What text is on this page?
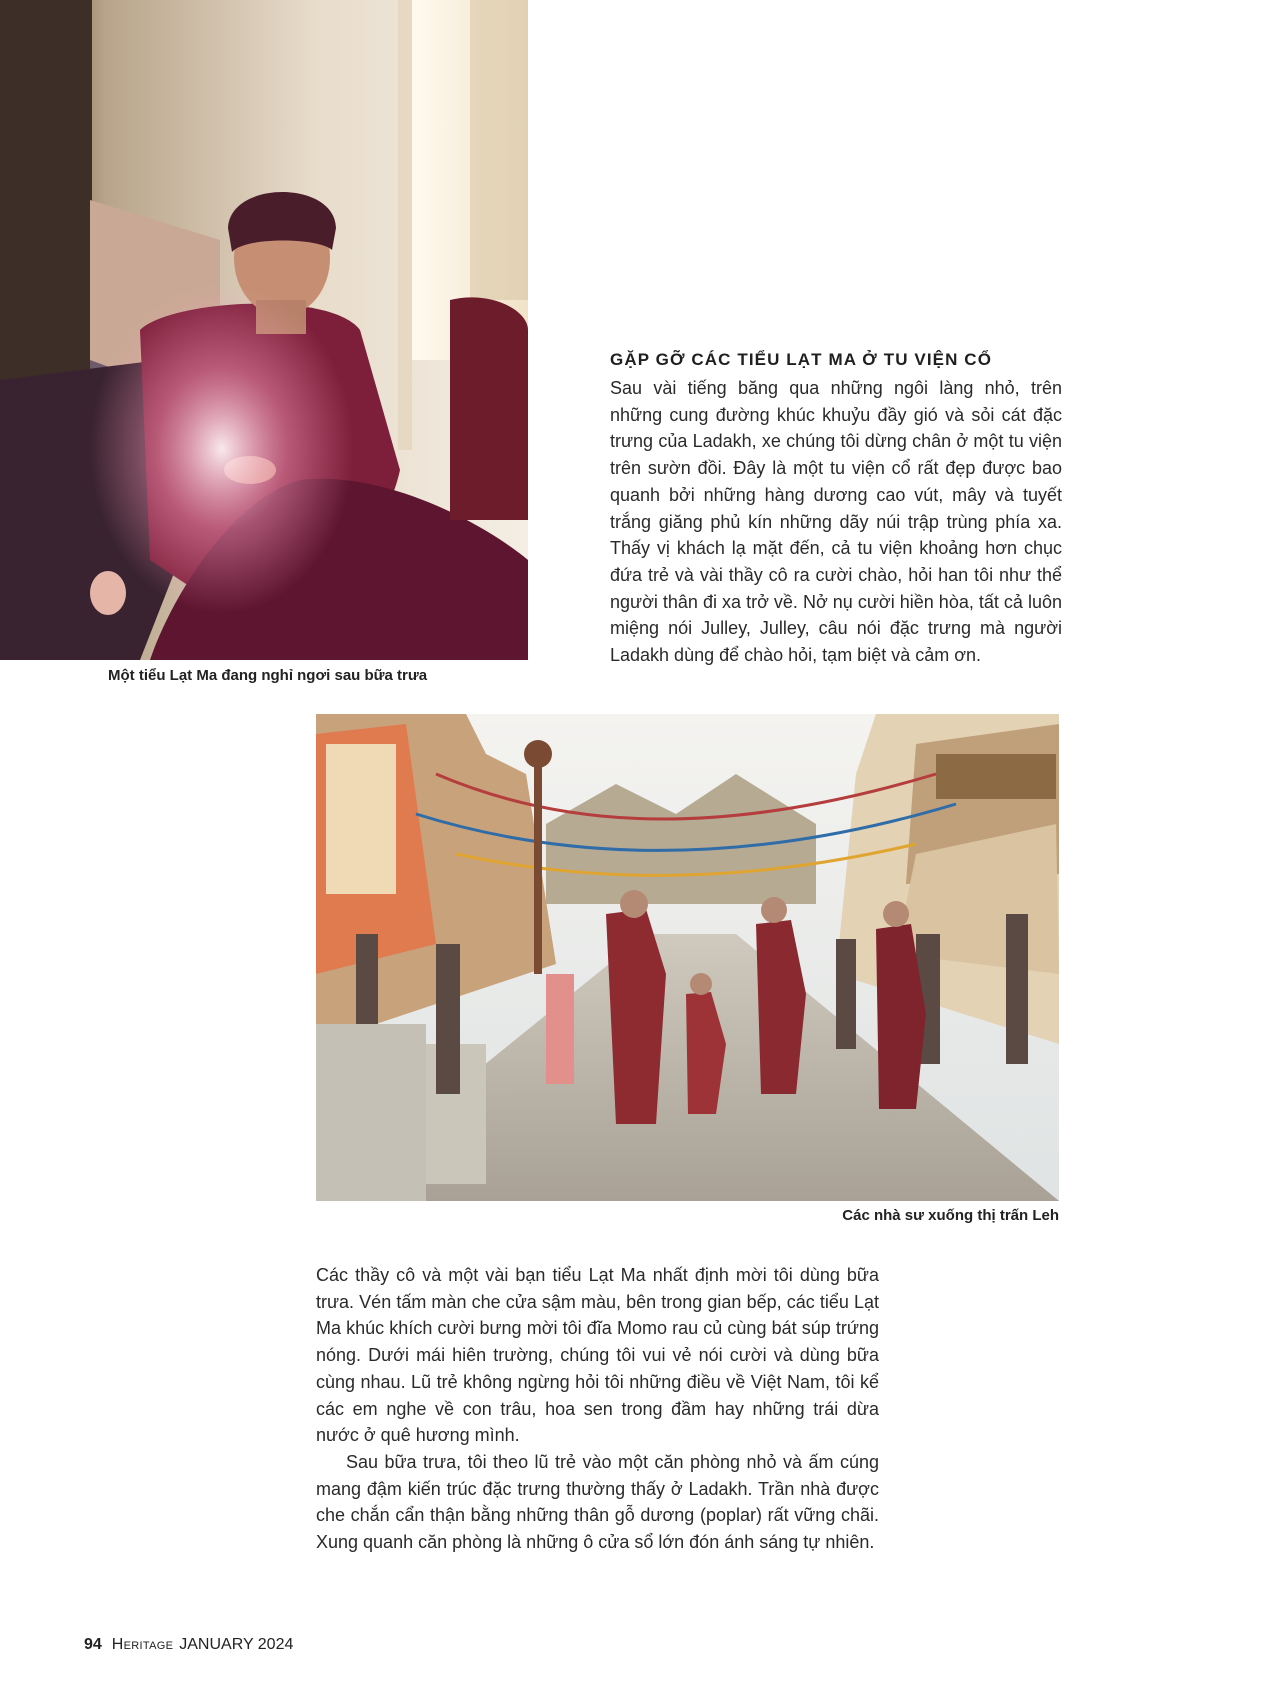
Một tiểu Lạt Ma đang nghỉ ngơi sau bữa trưa
GẶP GỠ CÁC TIỂU LẠT MA Ở TU VIỆN CỔ

Sau vài tiếng băng qua những ngôi làng nhỏ, trên những cung đường khúc khuỷu đầy gió và sỏi cát đặc trưng của Ladakh, xe chúng tôi dừng chân ở một tu viện trên sườn đồi. Đây là một tu viện cổ rất đẹp được bao quanh bởi những hàng dương cao vút, mây và tuyết trắng giăng phủ kín những dãy núi trập trùng phía xa. Thấy vị khách lạ mặt đến, cả tu viện khoảng hơn chục đứa trẻ và vài thầy cô ra cười chào, hỏi han tôi như thể người thân đi xa trở về. Nở nụ cười hiền hòa, tất cả luôn miệng nói Julley, Julley, câu nói đặc trưng mà người Ladakh dùng để chào hỏi, tạm biệt và cảm ơn.

Các nhà sư xuống thị trấn Leh

Các thầy cô và một vài bạn tiểu Lạt Ma nhất định mời tôi dùng bữa trưa. Vén tấm màn che cửa sậm màu, bên trong gian bếp, các tiểu Lạt Ma khúc khích cười bưng mời tôi đĩa Momo rau củ cùng bát súp trứng nóng. Dưới mái hiên trường, chúng tôi vui vẻ nói cười và dùng bữa cùng nhau. Lũ trẻ không ngừng hỏi tôi những điều về Việt Nam, tôi kể các em nghe về con trâu, hoa sen trong đầm hay những trái dừa nước ở quê hương mình.

Sau bữa trưa, tôi theo lũ trẻ vào một căn phòng nhỏ và ấm cúng mang đậm kiến trúc đặc trưng thường thấy ở Ladakh. Trần nhà được che chắn cẩn thận bằng những thân gỗ dương (poplar) rất vững chãi. Xung quanh căn phòng là những ô cửa sổ lớn đón ánh sáng tự nhiên.

94 Heritage JANUARY 2024
